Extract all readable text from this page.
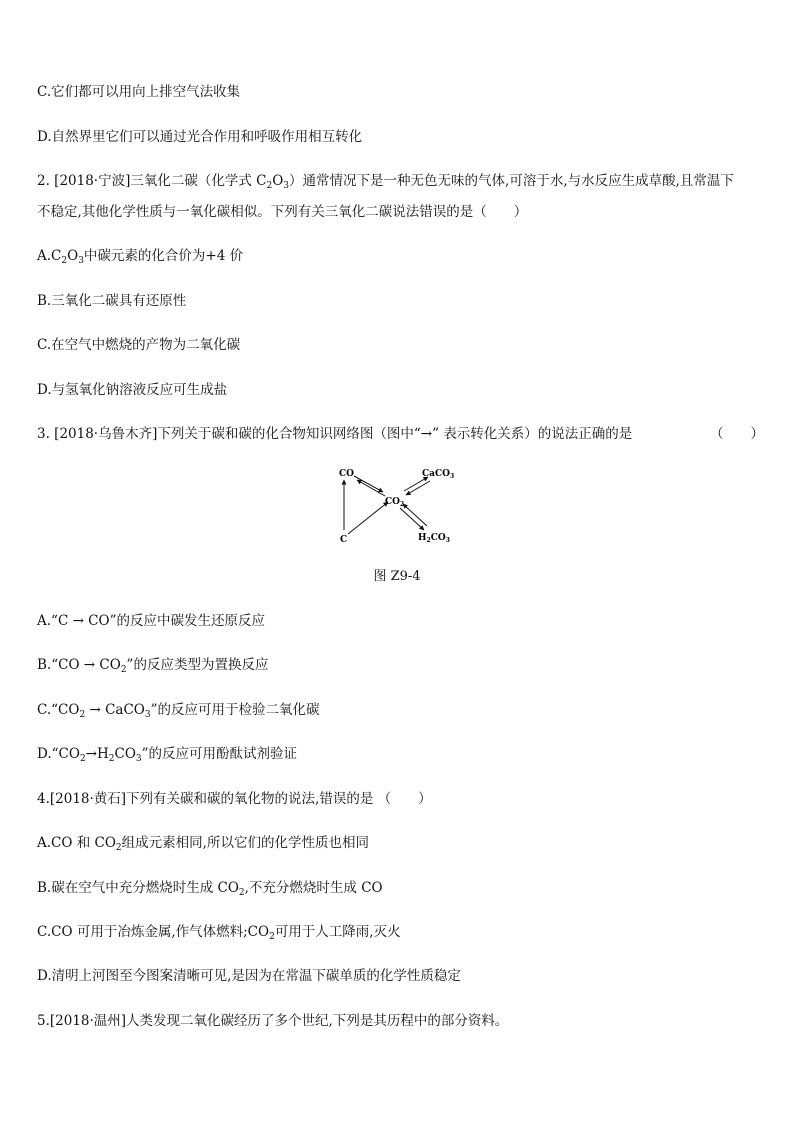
C.它们都可以用向上排空气法收集
D.自然界里它们可以通过光合作用和呼吸作用相互转化
2. [2018·宁波]三氧化二碳（化学式 $C_2O_3$）通常情况下是一种无色无味的气体,可溶于水,与水反应生成草酸,且常温下
不稳定,其他化学性质与一氧化碳相似。下列有关三氧化二碳说法错误的是（　　）
$A.C_2O_3$中碳元素的化合价为+4 价
B.三氧化二碳具有还原性
C.在空气中燃烧的产物为二氧化碳
D.与氢氧化钠溶液反应可生成盐
3. [2018·乌鲁木齐]下列关于碳和碳的化合物知识网络图（图中“→” 表示转化关系）的说法正确的是	（　　）
CO
$CO_2$
CaCO$_3$
C	$H_2CO_3$
图 Z9-4
A.“C → CO”的反应中碳发生还原反应
B.“CO → $CO_2$”的反应类型为置换反应
$C.“CO_2$ → CaCO$_3$”的反应可用于检验二氧化碳
$D.“CO_2\to H_2CO_3$”的反应可用酚酞试剂验证
4.[2018·黄石]下列有关碳和碳的氧化物的说法,错误的是 （　　）
A.CO 和 $CO_2$组成元素相同,所以它们的化学性质也相同
B.碳在空气中充分燃烧时生成 $CO_2$,不充分燃烧时生成 CO
C.CO 可用于冶炼金属,作气体燃料$;CO_2$可用于人工降雨,灭火
D.清明上河图至今图案清晰可见,是因为在常温下碳单质的化学性质稳定
5.[2018·温州]人类发现二氧化碳经历了多个世纪,下列是其历程中的部分资料。
